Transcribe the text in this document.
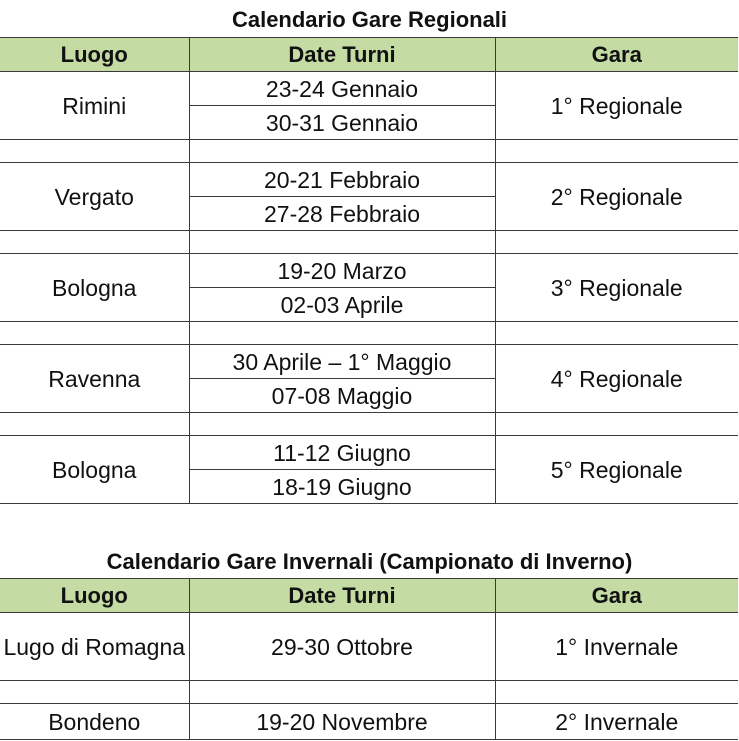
Calendario Gare Regionali
Luogo	Date Turni	Gara
Rimini	23-24 Gennaio	1° Regionale
	30-31 Gennaio	

Vergato	20-21 Febbraio	2° Regionale
	27-28 Febbraio	

Bologna	19-20 Marzo	3° Regionale
	02-03 Aprile	

Ravenna	30 Aprile – 1° Maggio	4° Regionale
	07-08 Maggio	

Bologna	11-12 Giugno	5° Regionale
	18-19 Giugno	
Calendario Gare Invernali (Campionato di Inverno)
Luogo	Date Turni	Gara
Lugo di Romagna	29-30 Ottobre	1° Invernale

Bondeno	19-20 Novembre	2° Invernale
